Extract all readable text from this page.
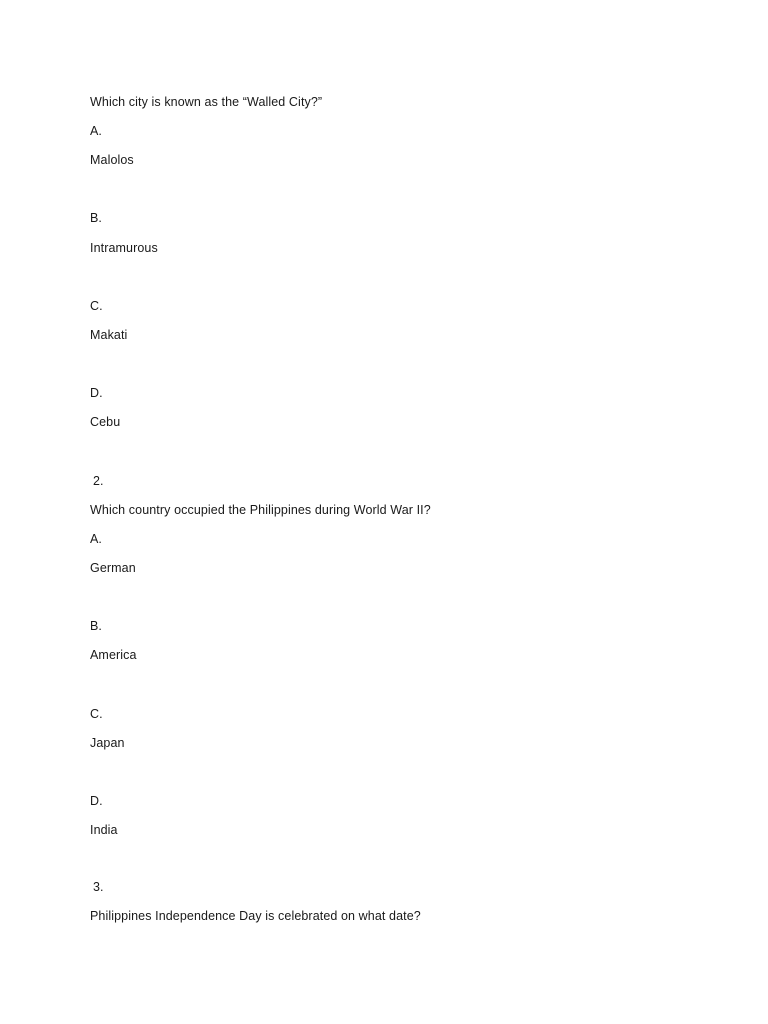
Which city is known as the “Walled City?”
A.
Malolos
B.
Intramurous
C.
Makati
D.
Cebu
2.
Which country occupied the Philippines during World War II?
A.
German
B.
America
C.
Japan
D.
India
3.
Philippines Independence Day is celebrated on what date?
